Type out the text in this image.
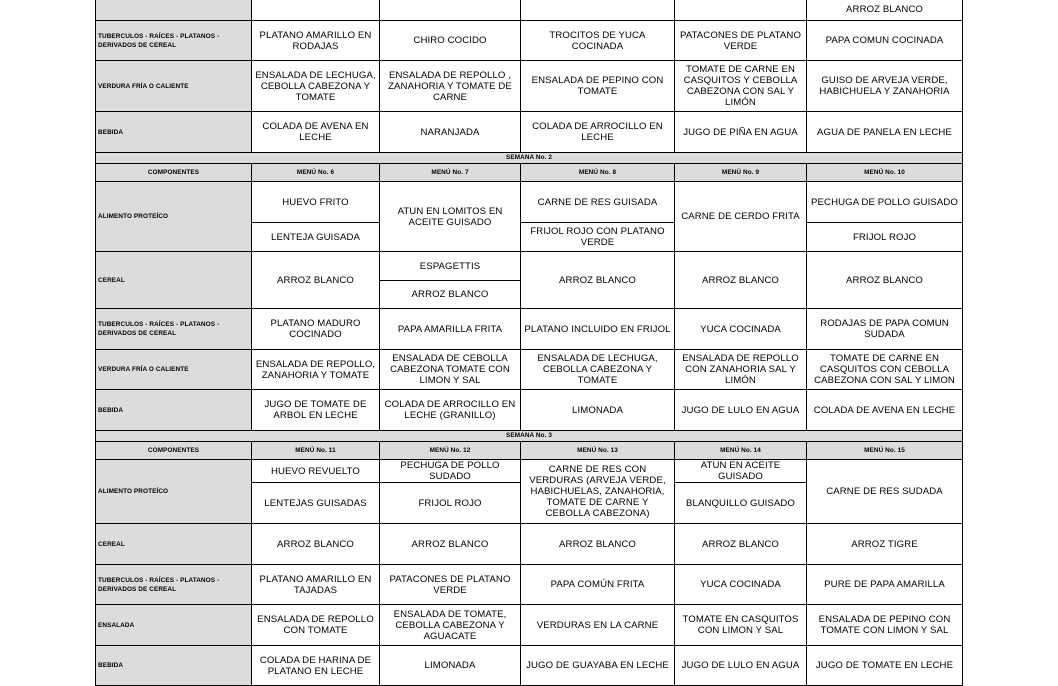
					ARROZ BLANCO
TUBERCULOS - RAÍCES - PLATANOS - DERIVADOS DE CEREAL	PLATANO AMARILLO EN RODAJAS	CHIRO COCIDO	TROCITOS DE YUCA COCINADA	PATACONES DE PLATANO VERDE	PAPA COMUN COCINADA
VERDURA FRÍA O CALIENTE	ENSALADA DE LECHUGA, CEBOLLA CABEZONA Y TOMATE	ENSALADA DE REPOLLO , ZANAHORIA Y TOMATE DE CARNE	ENSALADA DE PEPINO CON TOMATE	TOMATE DE CARNE EN CASQUITOS Y CEBOLLA CABEZONA CON SAL Y LIMÓN	GUISO DE ARVEJA VERDE, HABICHUELA Y ZANAHORIA
BEBIDA	COLADA DE AVENA EN LECHE	NARANJADA	COLADA DE ARROCILLO EN LECHE	JUGO DE PIÑA EN AGUA	AGUA DE PANELA EN LECHE
SEMANA No. 2					
COMPONENTES	MENÚ No. 6	MENÚ No. 7	MENÚ No. 8	MENÚ No. 9	MENÚ No. 10
ALIMENTO PROTEÍCO	HUEVO FRITO	ATUN EN LOMITOS EN ACEITE GUISADO	CARNE DE RES GUISADA	CARNE DE CERDO FRITA	PECHUGA DE POLLO GUISADO
	LENTEJA GUISADA		FRIJOL ROJO CON PLATANO VERDE		FRIJOL ROJO
CEREAL	ARROZ BLANCO	ESPAGETTIS	ARROZ BLANCO	ARROZ BLANCO	ARROZ BLANCO
		ARROZ BLANCO			
TUBERCULOS - RAÍCES - PLATANOS - DERIVADOS DE CEREAL	PLATANO MADURO COCINADO	PAPA AMARILLA FRITA	PLATANO INCLUIDO EN FRIJOL	YUCA COCINADA	RODAJAS DE PAPA COMUN SUDADA
VERDURA FRÍA O CALIENTE	ENSALADA DE REPOLLO, ZANAHORIA Y TOMATE	ENSALADA DE CEBOLLA CABEZONA TOMATE CON LIMON Y SAL	ENSALADA DE LECHUGA, CEBOLLA CABEZONA Y TOMATE	ENSALADA DE REPOLLO CON ZANAHORIA SAL Y LIMÓN	TOMATE DE CARNE EN CASQUITOS CON CEBOLLA CABEZONA CON SAL Y LIMON
BEBIDA	JUGO DE TOMATE DE ARBOL EN LECHE	COLADA DE ARROCILLO EN LECHE (GRANILLO)	LIMONADA	JUGO DE LULO EN AGUA	COLADA DE AVENA EN LECHE
SEMANA No. 3					
COMPONENTES	MENÚ No. 11	MENÚ No. 12	MENÚ No. 13	MENÚ No. 14	MENÚ No. 15
ALIMENTO PROTEÍCO	HUEVO REVUELTO	PECHUGA DE POLLO SUDADO	CARNE DE RES CON VERDURAS (ARVEJA VERDE, HABICHUELAS, ZANAHORIA, TOMATE DE CARNE Y CEBOLLA CABEZONA)	ATUN EN ACEITE GUISADO	CARNE DE RES SUDADA
	LENTEJAS GUISADAS	FRIJOL ROJO		BLANQUILLO GUISADO	
CEREAL	ARROZ BLANCO	ARROZ BLANCO	ARROZ BLANCO	ARROZ BLANCO	ARROZ TIGRE
TUBERCULOS - RAÍCES - PLATANOS - DERIVADOS DE CEREAL	PLATANO AMARILLO EN TAJADAS	PATACONES DE PLATANO VERDE	PAPA COMÚN FRITA	YUCA COCINADA	PURE DE PAPA AMARILLA
ENSALADA	ENSALADA DE REPOLLO CON TOMATE	ENSALADA DE TOMATE, CEBOLLA CABEZONA Y AGUACATE	VERDURAS EN LA CARNE	TOMATE EN CASQUITOS CON LIMON Y SAL	ENSALADA DE PEPINO CON TOMATE CON LIMON Y SAL
BEBIDA	COLADA DE HARINA DE PLATANO EN LECHE	LIMONADA	JUGO DE GUAYABA EN LECHE	JUGO DE LULO EN AGUA	JUGO DE TOMATE EN LECHE
